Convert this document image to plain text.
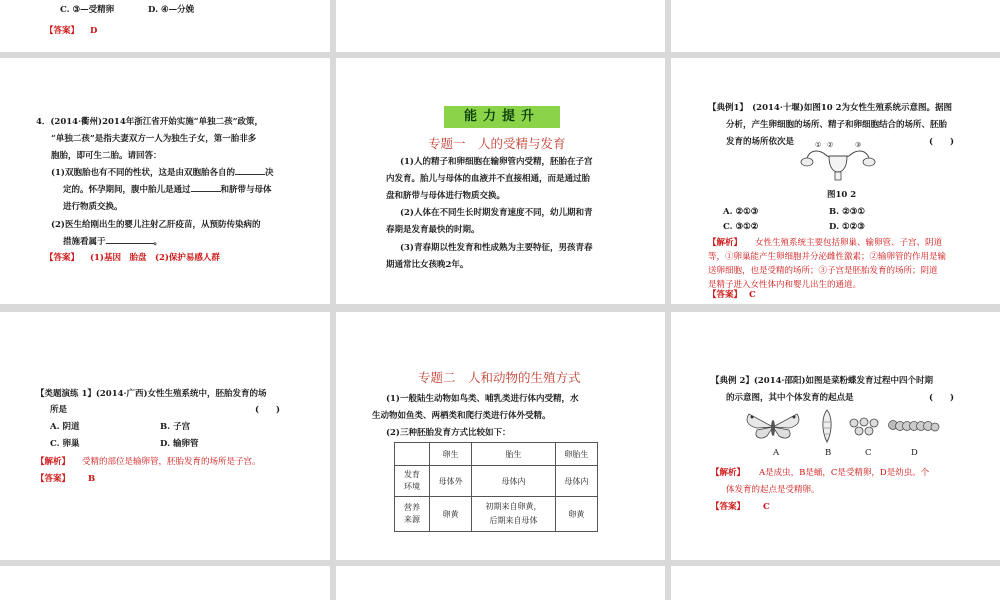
C. ③—受精卵	D. ④—分娩
【答案】 D
4．(2014·衢州)2014年浙江省开始实施“单独二孩”政策，
“单独二孩”是指夫妻双方一人为独生子女，第一胎非多
胞胎，即可生二胎。请回答：
(1)双胞胎也有不同的性状，这是由双胞胎各自的	决
定的。怀孕期间，腹中胎儿是通过	和脐带与母体
进行物质交换。
(2)医生给刚出生的婴儿注射乙肝疫苗，从预防传染病的
措施看属于	。
【答案】 (1)基因　胎盘　(2)保护易感人群
能力提升
专题一　人的受精与发育
(1)人的精子和卵细胞在输卵管内受精，胚胎在子宫
内发育。胎儿与母体的血液并不直接相通，而是通过胎
盘和脐带与母体进行物质交换。
(2)人体在不同生长时期发育速度不同，幼儿期和青
春期是发育最快的时期。
(3)青春期以性发育和性成熟为主要特征，男孩青春
期通常比女孩晚2年。
【典例1】　(2014·十堰)如图10 2为女性生殖系统示意图。据图
分析，产生卵细胞的场所、精子和卵细胞结合的场所、胚胎
发育的场所依次是	(　　)
① ②	③
图10 2
A. ②①③	B. ②③①
C. ③①②	D. ①②③
【解析】 女性生殖系统主要包括卵巢、输卵管、子宫、阴道
等，①卵巢能产生卵细胞并分泌雌性激素；②输卵管的作用是输
送卵细胞，也是受精的场所；③子宫是胚胎发育的场所；阴道
是精子进入女性体内和婴儿出生的通道。
【答案】 C
【类题演练 1】(2014·广西)女性生殖系统中，胚胎发育的场
所是	(　　)
A. 阴道	B. 子宫
C. 卵巢	D. 输卵管
【解析】 受精的部位是输卵管，胚胎发育的场所是子宫。
【答案】 B
专题二　人和动物的生殖方式
(1)一般陆生动物如鸟类、哺乳类进行体内受精，水
生动物如鱼类、两栖类和爬行类进行体外受精。
(2)三种胚胎发育方式比较如下：
	卵生	胎生	卵胎生
发育
环境	母体外	母体内	母体内
营养
来源	卵黄	初期来自卵黄，
后期来自母体	卵黄
【典例 2】(2014·邵阳)如图是菜粉蝶发育过程中四个时期
的示意图，其中个体发育的起点是	(　　)
A	B	C	D
【解析】 A是成虫，B是蛹，C是受精卵，D是幼虫。个
体发育的起点是受精卵。
【答案】 C
